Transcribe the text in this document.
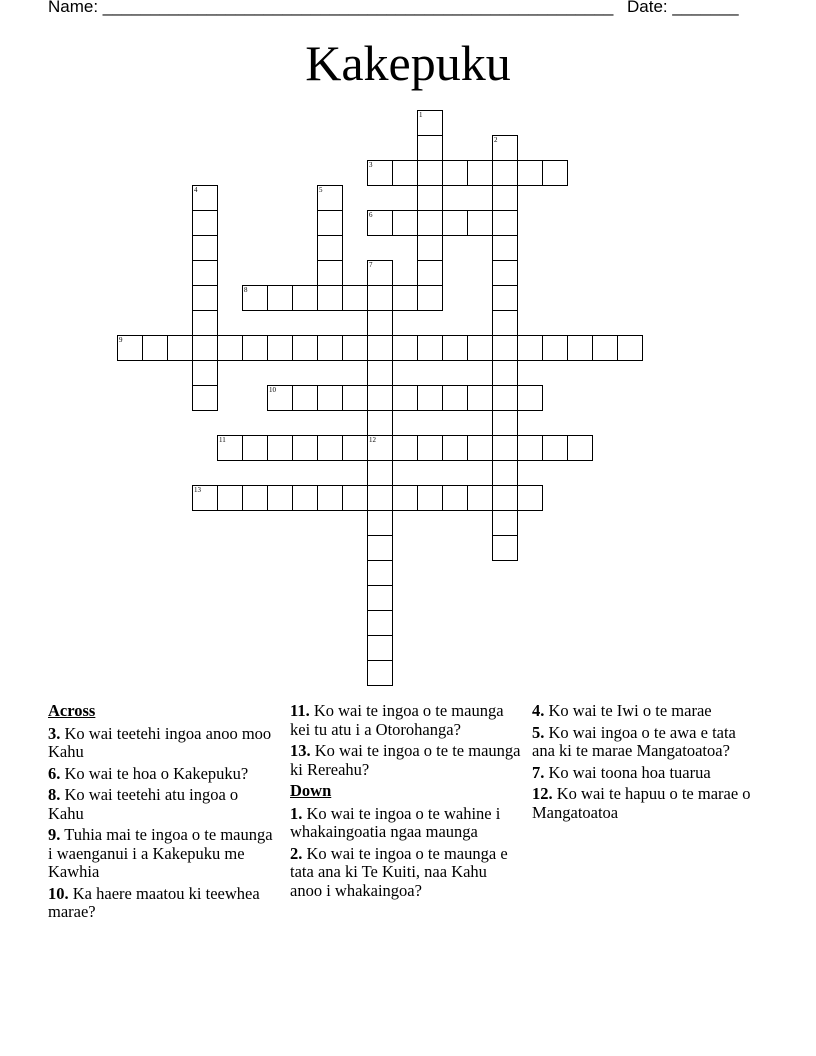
Name: ______________________________________________________ Date: _______
Kakepuku
1
2
3
4	5
6
7
12
8
9
10
11
13
Across
3. Ko wai teetehi ingoa anoo moo Kahu
6. Ko wai te hoa o Kakepuku?
8. Ko wai teetehi atu ingoa o Kahu
9. Tuhia mai te ingoa o te maunga i waenganui i a Kakepuku me Kawhia
10. Ka haere maatou ki teewhea marae?
11. Ko wai te ingoa o te maunga kei tu atu i a Otorohanga?
13. Ko wai te ingoa o te te maunga ki Rereahu?
Down
1. Ko wai te ingoa o te wahine i whakaingoatia ngaa maunga
2. Ko wai te ingoa o te maunga e tata ana ki Te Kuiti, naa Kahu anoo i whakaingoa?
4. Ko wai te Iwi o te marae
5. Ko wai ingoa o te awa e tata ana ki te marae Mangatoatoa?
7. Ko wai toona hoa tuarua
12. Ko wai te hapuu o te marae o Mangatoatoa
